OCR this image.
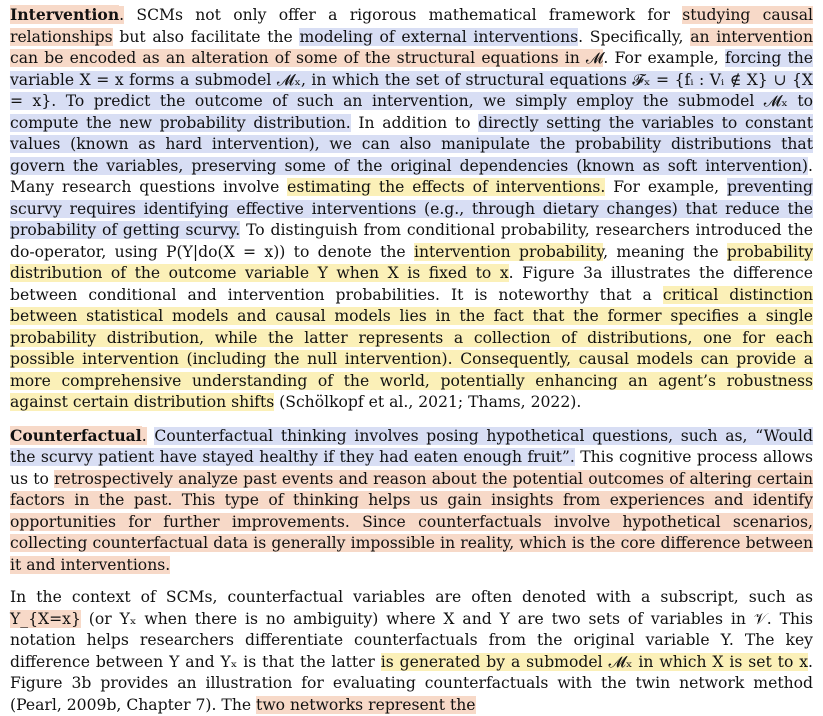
Intervention. SCMs not only offer a rigorous mathematical framework for studying causal relationships but also facilitate the modeling of external interventions. Specifically, an intervention can be encoded as an alteration of some of the structural equations in 𝓜. For example, forcing the variable X = x forms a submodel 𝓜ₓ, in which the set of structural equations 𝓕ₓ = {fᵢ : Vᵢ ∉ X} ∪ {X = x}. To predict the outcome of such an intervention, we simply employ the submodel 𝓜ₓ to compute the new probability distribution. In addition to directly setting the variables to constant values (known as hard intervention), we can also manipulate the probability distributions that govern the variables, preserving some of the original dependencies (known as soft intervention). Many research questions involve estimating the effects of interventions. For example, preventing scurvy requires identifying effective interventions (e.g., through dietary changes) that reduce the probability of getting scurvy. To distinguish from conditional probability, researchers introduced the do-operator, using P(Y|do(X = x)) to denote the intervention probability, meaning the probability distribution of the outcome variable Y when X is fixed to x. Figure 3a illustrates the difference between conditional and intervention probabilities. It is noteworthy that a critical distinction between statistical models and causal models lies in the fact that the former specifies a single probability distribution, while the latter represents a collection of distributions, one for each possible intervention (including the null intervention). Consequently, causal models can provide a more comprehensive understanding of the world, potentially enhancing an agent’s robustness against certain distribution shifts (Schölkopf et al., 2021; Thams, 2022).

Counterfactual. Counterfactual thinking involves posing hypothetical questions, such as, “Would the scurvy patient have stayed healthy if they had eaten enough fruit”. This cognitive process allows us to retrospectively analyze past events and reason about the potential outcomes of altering certain factors in the past. This type of thinking helps us gain insights from experiences and identify opportunities for further improvements. Since counterfactuals involve hypothetical scenarios, collecting counterfactual data is generally impossible in reality, which is the core difference between it and interventions.

In the context of SCMs, counterfactual variables are often denoted with a subscript, such as Y_{X=x} (or Yₓ when there is no ambiguity) where X and Y are two sets of variables in 𝒱. This notation helps researchers differentiate counterfactuals from the original variable Y. The key difference between Y and Yₓ is that the latter is generated by a submodel 𝓜ₓ in which X is set to x. Figure 3b provides an illustration for evaluating counterfactuals with the twin network method (Pearl, 2009b, Chapter 7). The two networks represent the
